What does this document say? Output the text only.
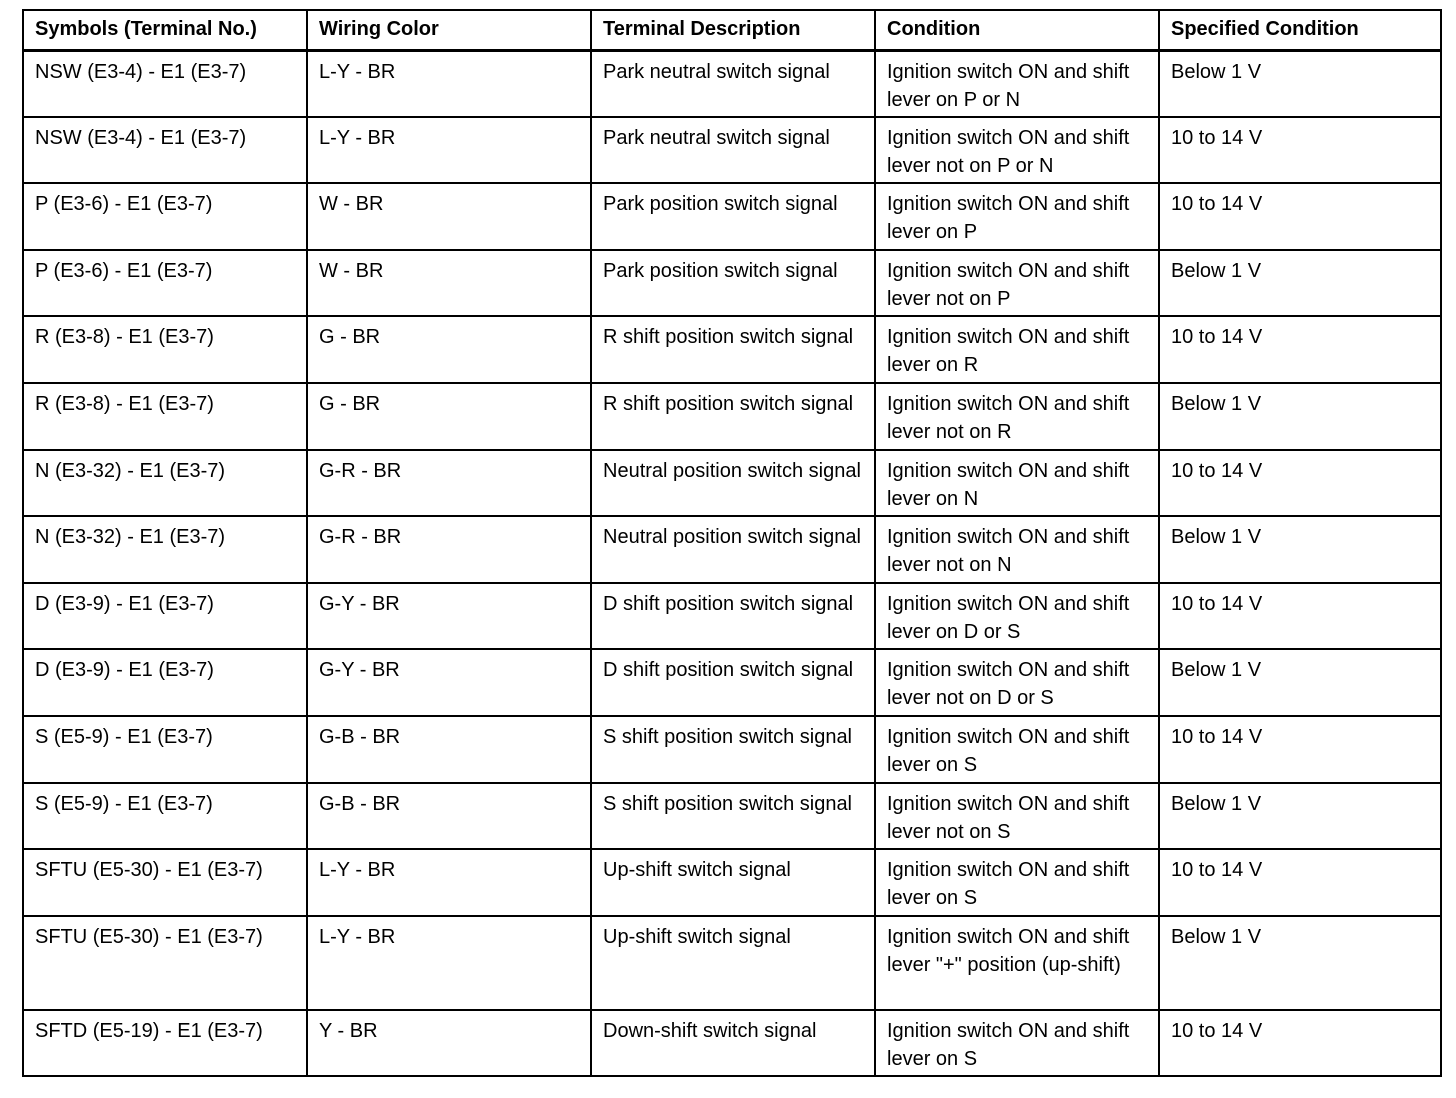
Symbols (Terminal No.)	Wiring Color	Terminal Description	Condition	Specified Condition
NSW (E3-4) - E1 (E3-7)	L-Y - BR	Park neutral switch signal	Ignition switch ON and shift lever on P or N	Below 1 V
NSW (E3-4) - E1 (E3-7)	L-Y - BR	Park neutral switch signal	Ignition switch ON and shift lever not on P or N	10 to 14 V
P (E3-6) - E1 (E3-7)	W - BR	Park position switch signal	Ignition switch ON and shift lever on P	10 to 14 V
P (E3-6) - E1 (E3-7)	W - BR	Park position switch signal	Ignition switch ON and shift lever not on P	Below 1 V
R (E3-8) - E1 (E3-7)	G - BR	R shift position switch signal	Ignition switch ON and shift lever on R	10 to 14 V
R (E3-8) - E1 (E3-7)	G - BR	R shift position switch signal	Ignition switch ON and shift lever not on R	Below 1 V
N (E3-32) - E1 (E3-7)	G-R - BR	Neutral position switch signal	Ignition switch ON and shift lever on N	10 to 14 V
N (E3-32) - E1 (E3-7)	G-R - BR	Neutral position switch signal	Ignition switch ON and shift lever not on N	Below 1 V
D (E3-9) - E1 (E3-7)	G-Y - BR	D shift position switch signal	Ignition switch ON and shift lever on D or S	10 to 14 V
D (E3-9) - E1 (E3-7)	G-Y - BR	D shift position switch signal	Ignition switch ON and shift lever not on D or S	Below 1 V
S (E5-9) - E1 (E3-7)	G-B - BR	S shift position switch signal	Ignition switch ON and shift lever on S	10 to 14 V
S (E5-9) - E1 (E3-7)	G-B - BR	S shift position switch signal	Ignition switch ON and shift lever not on S	Below 1 V
SFTU (E5-30) - E1 (E3-7)	L-Y - BR	Up-shift switch signal	Ignition switch ON and shift lever on S	10 to 14 V
SFTU (E5-30) - E1 (E3-7)	L-Y - BR	Up-shift switch signal	Ignition switch ON and shift lever "+" position (up-shift)	Below 1 V
SFTD (E5-19) - E1 (E3-7)	Y - BR	Down-shift switch signal	Ignition switch ON and shift lever on S	10 to 14 V
